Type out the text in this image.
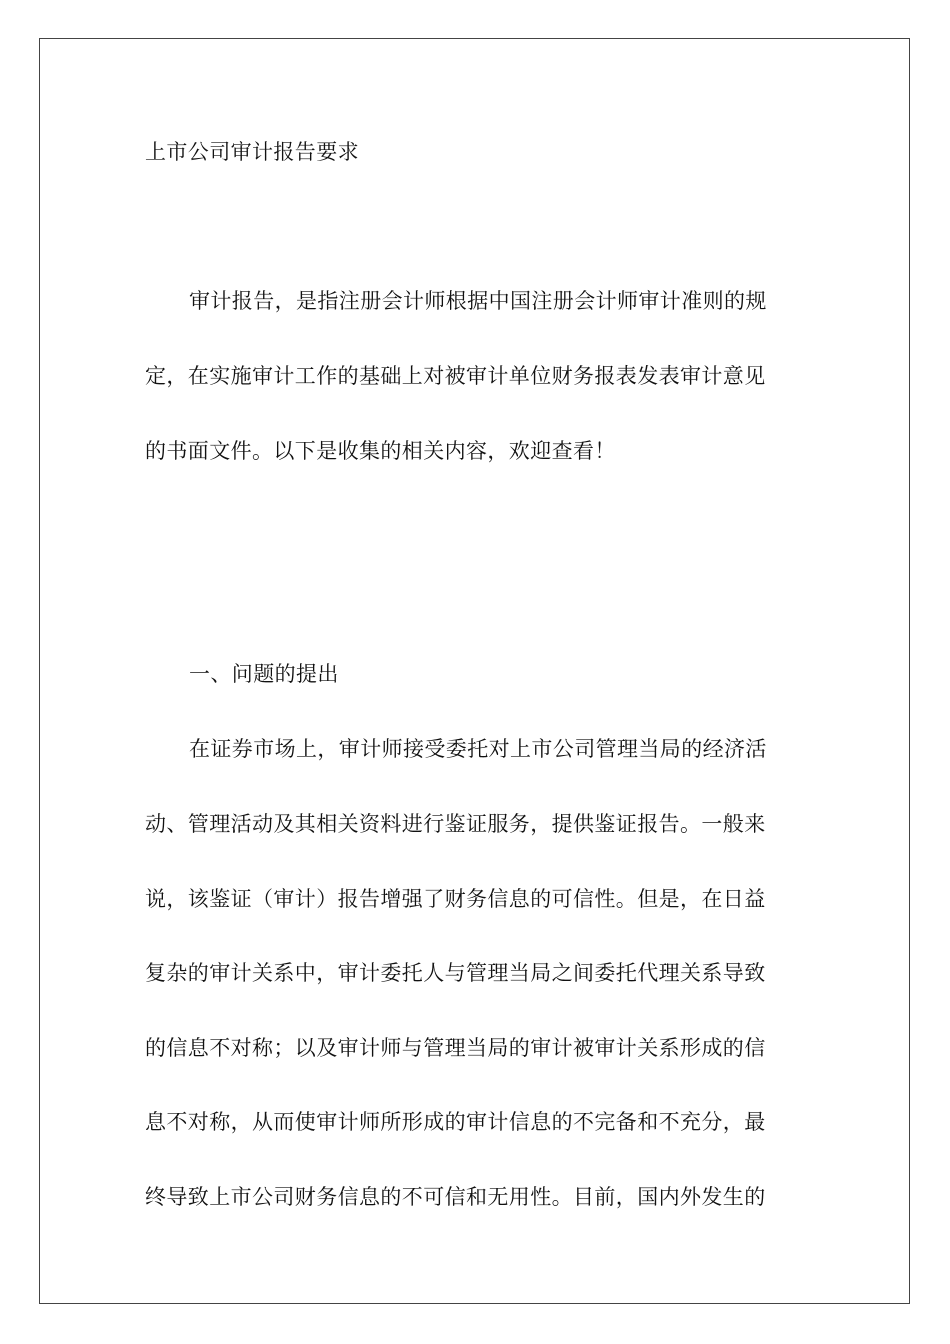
上市公司审计报告要求
审计报告，是指注册会计师根据中国注册会计师审计准则的规
定，在实施审计工作的基础上对被审计单位财务报表发表审计意见
的书面文件。以下是收集的相关内容，欢迎查看！
一、问题的提出
在证券市场上，审计师接受委托对上市公司管理当局的经济活
动、管理活动及其相关资料进行鉴证服务，提供鉴证报告。一般来
说，该鉴证（审计）报告增强了财务信息的可信性。但是，在日益
复杂的审计关系中，审计委托人与管理当局之间委托代理关系导致
的信息不对称；以及审计师与管理当局的审计被审计关系形成的信
息不对称，从而使审计师所形成的审计信息的不完备和不充分，最
终导致上市公司财务信息的不可信和无用性。目前，国内外发生的
